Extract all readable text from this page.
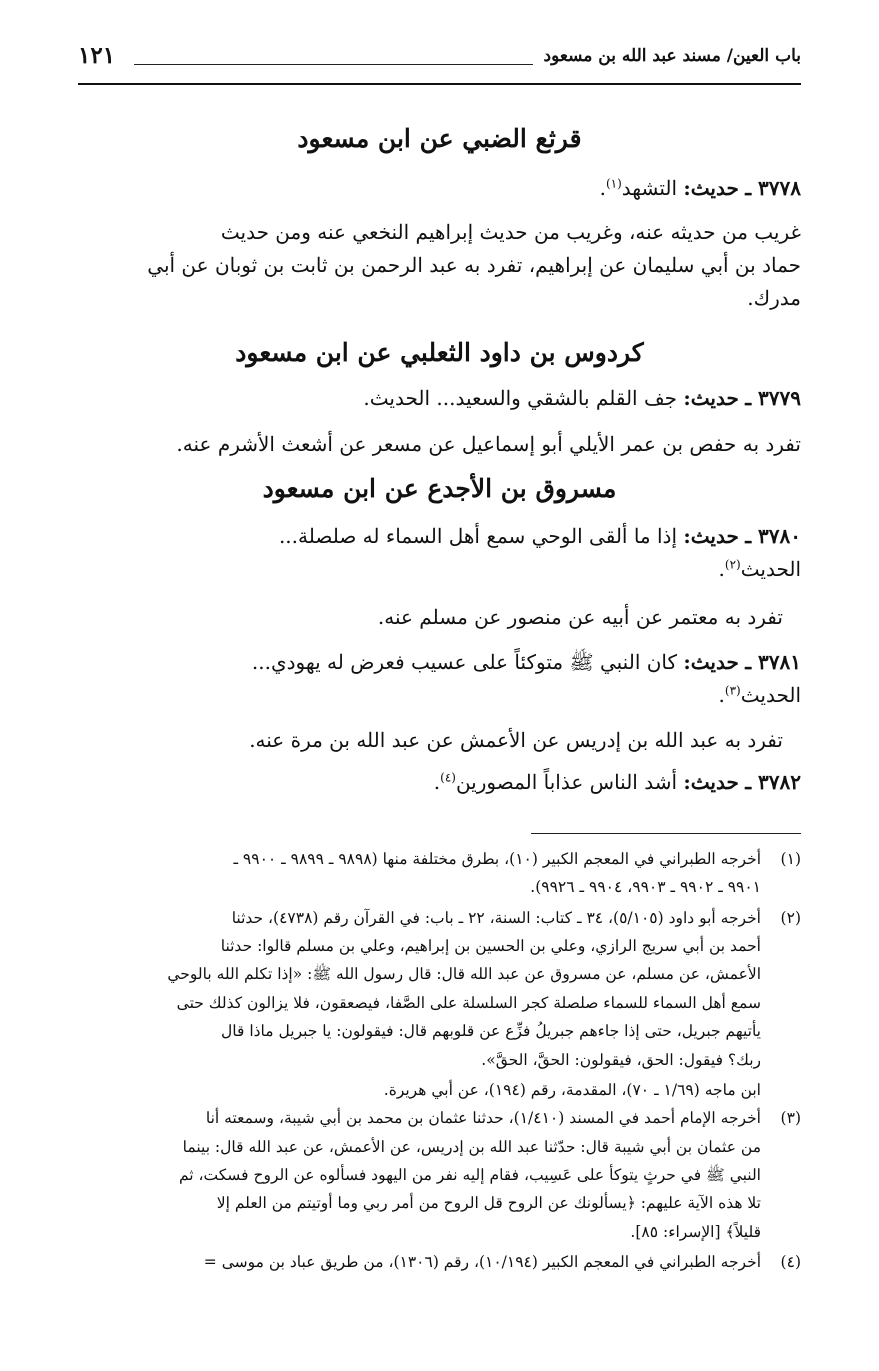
باب العين/ مسند عبد الله بن مسعود
١٢١
قرثع الضبي عن ابن مسعود
٣٧٧٨ ـ حديث: التشهد$^{(١)}$.
غريب من حديثه عنه، وغريب من حديث إبراهيم النخعي عنه ومن حديث
حماد بن أبي سليمان عن إبراهيم، تفرد به عبد الرحمن بن ثابت بن ثوبان عن أبي
مدرك.
كردوس بن داود الثعلبي عن ابن مسعود
٣٧٧٩ ـ حديث: جف القلم بالشقي والسعيد... الحديث.
تفرد به حفص بن عمر الأيلي أبو إسماعيل عن مسعر عن أشعث الأشرم عنه.
مسروق بن الأجدع عن ابن مسعود
٣٧٨٠ ـ حديث: إذا ما ألقى الوحي سمع أهل السماء له صلصلة...
الحديث$^{(٢)}$.
تفرد به معتمر عن أبيه عن منصور عن مسلم عنه.
٣٧٨١ ـ حديث: كان النبي ﷺ متوكئاً على عسيب فعرض له يهودي...
الحديث$^{(٣)}$.
تفرد به عبد الله بن إدريس عن الأعمش عن عبد الله بن مرة عنه.
٣٧٨٢ ـ حديث: أشد الناس عذاباً المصورين$^{(٤)}$.
(١)
أخرجه الطبراني في المعجم الكبير (١٠)، بطرق مختلفة منها (٩٨٩٨ ـ ٩٨٩٩ ـ ٩٩٠٠ ـ
٩٩٠١ ـ ٩٩٠٢ ـ ٩٩٠٣، ٩٩٠٤ ـ ٩٩٢٦).
(٢)
أخرجه أبو داود (٥/١٠٥)، ٣٤ ـ كتاب: السنة، ٢٢ ـ باب: في القرآن رقم (٤٧٣٨)، حدثنا
أحمد بن أبي سريج الرازي، وعلي بن الحسين بن إبراهيم، وعلي بن مسلم قالوا: حدثنا
الأعمش، عن مسلم، عن مسروق عن عبد الله قال: قال رسول الله ﷺ: «إذا تكلم الله بالوحي
سمع أهل السماء للسماء صلصلة كجر السلسلة على الصَّفا، فيصعقون، فلا يزالون كذلك حتى
يأتيهم جبريل، حتى إذا جاءهم جبريلُ فزِّع عن قلوبهم قال: فيقولون: يا جبريل ماذا قال
ربك؟ فيقول: الحق، فيقولون: الحقَّ، الحقَّ».
ابن ماجه (١/٦٩ ـ ٧٠)، المقدمة، رقم (١٩٤)، عن أبي هريرة.
(٣)
أخرجه الإمام أحمد في المسند (١/٤١٠)، حدثنا عثمان بن محمد بن أبي شيبة، وسمعته أنا
من عثمان بن أبي شيبة قال: حدّثنا عبد الله بن إدريس، عن الأعمش، عن عبد الله قال: بينما
النبي ﷺ في حرثٍ يتوكأ على عَسِيب، فقام إليه نفر من اليهود فسألوه عن الروح فسكت، ثم
تلا هذه الآية عليهم: ﴿يسألونك عن الروح قل الروح من أمر ربي وما أوتيتم من العلم إلا
قليلاً﴾ [الإسراء: ٨٥].
(٤)
أخرجه الطبراني في المعجم الكبير (١٠/١٩٤)، رقم (١٣٠٦)، من طريق عباد بن موسى =
